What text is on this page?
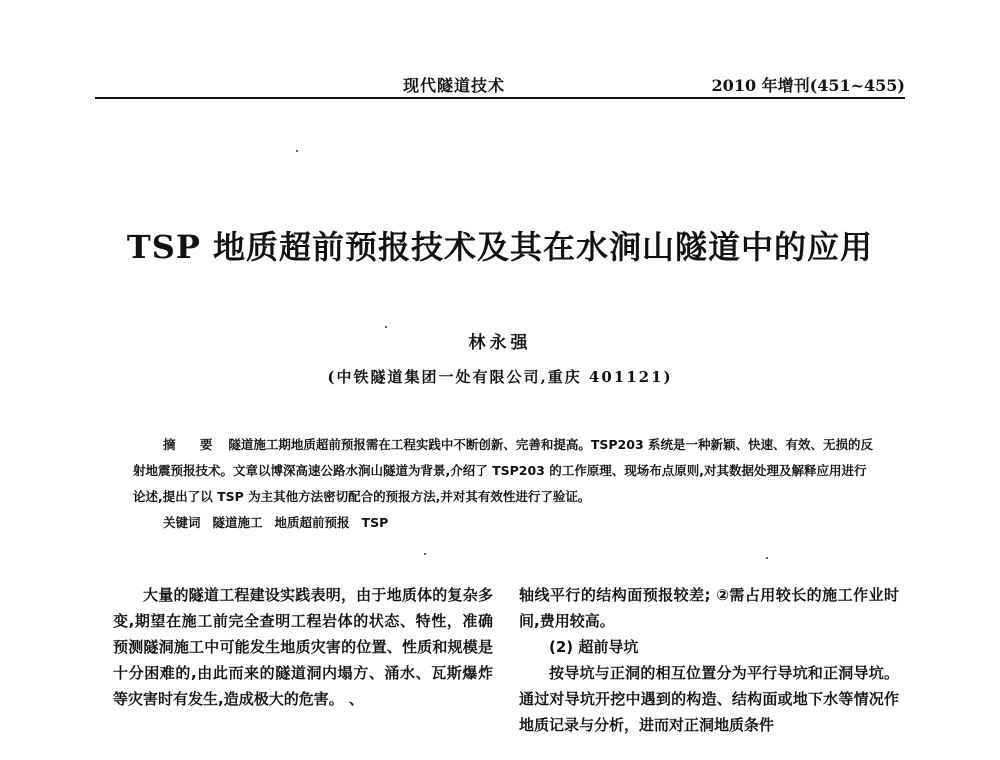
现代隧道技术	2010 年增刊(451~455)
TSP 地质超前预报技术及其在水涧山隧道中的应用
林永强
(中铁隧道集团一处有限公司,重庆 401121)

摘 要 隧道施工期地质超前预报需在工程实践中不断创新、完善和提高。TSP203 系统是一种新颖、快速、有效、无损的反射地震预报技术。文章以博深高速公路水涧山隧道为背景,介绍了 TSP203 的工作原理、现场布点原则,对其数据处理及解释应用进行论述,提出了以 TSP 为主其他方法密切配合的预报方法,并对其有效性进行了验证。

关键词 隧道施工 地质超前预报 TSP

大量的隧道工程建设实践表明，由于地质体的复杂多变,期望在施工前完全查明工程岩体的状态、特性，准确预测隧洞施工中可能发生地质灾害的位置、性质和规模是十分困难的,由此而来的隧道洞内塌方、涌水、瓦斯爆炸等灾害时有发生,造成极大的危害。 、

轴线平行的结构面预报较差; ②需占用较长的施工作业时间,费用较高。

(2) 超前导坑

按导坑与正洞的相互位置分为平行导坑和正洞导坑。通过对导坑开挖中遇到的构造、结构面或地下水等情况作地质记录与分析，进而对正洞地质条件
